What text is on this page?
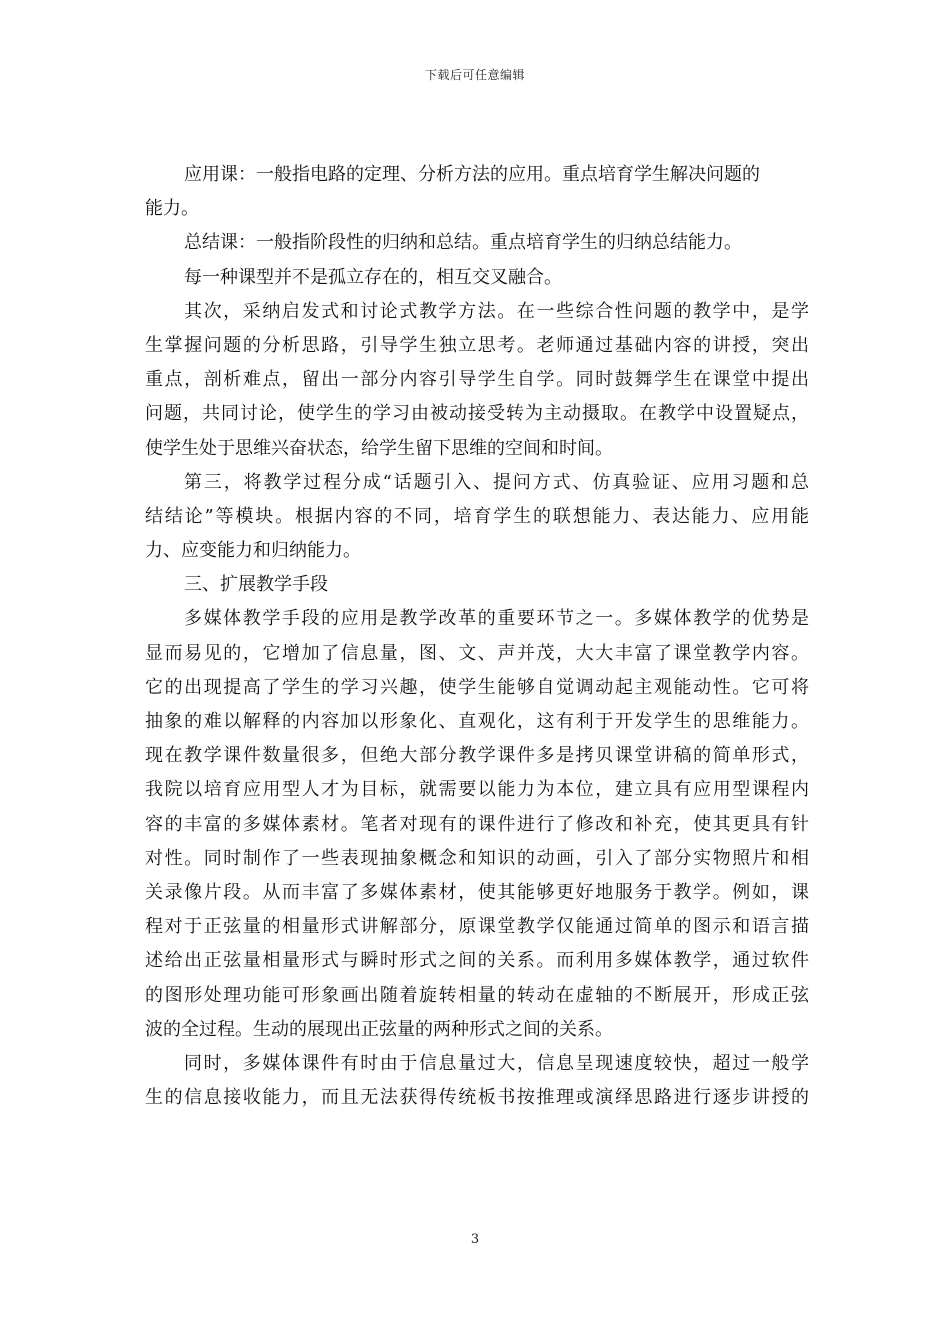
下载后可任意编辑
应用课：一般指电路的定理、分析方法的应用。重点培育学生解决问题的
能力。
总结课：一般指阶段性的归纳和总结。重点培育学生的归纳总结能力。
每一种课型并不是孤立存在的，相互交叉融合。
其次，采纳启发式和讨论式教学方法。在一些综合性问题的教学中，是学
生掌握问题的分析思路，引导学生独立思考。老师通过基础内容的讲授，突出
重点，剖析难点，留出一部分内容引导学生自学。同时鼓舞学生在课堂中提出
问题，共同讨论，使学生的学习由被动接受转为主动摄取。在教学中设置疑点，
使学生处于思维兴奋状态，给学生留下思维的空间和时间。
第三，将教学过程分成“话题引入、提问方式、仿真验证、应用习题和总
结结论”等模块。根据内容的不同，培育学生的联想能力、表达能力、应用能
力、应变能力和归纳能力。
三、扩展教学手段
多媒体教学手段的应用是教学改革的重要环节之一。多媒体教学的优势是
显而易见的，它增加了信息量，图、文、声并茂，大大丰富了课堂教学内容。
它的出现提高了学生的学习兴趣，使学生能够自觉调动起主观能动性。它可将
抽象的难以解释的内容加以形象化、直观化，这有利于开发学生的思维能力。
现在教学课件数量很多，但绝大部分教学课件多是拷贝课堂讲稿的简单形式，
我院以培育应用型人才为目标，就需要以能力为本位，建立具有应用型课程内
容的丰富的多媒体素材。笔者对现有的课件进行了修改和补充，使其更具有针
对性。同时制作了一些表现抽象概念和知识的动画，引入了部分实物照片和相
关录像片段。从而丰富了多媒体素材，使其能够更好地服务于教学。例如，课
程对于正弦量的相量形式讲解部分，原课堂教学仅能通过简单的图示和语言描
述给出正弦量相量形式与瞬时形式之间的关系。而利用多媒体教学，通过软件
的图形处理功能可形象画出随着旋转相量的转动在虚轴的不断展开，形成正弦
波的全过程。生动的展现出正弦量的两种形式之间的关系。
同时，多媒体课件有时由于信息量过大，信息呈现速度较快，超过一般学
生的信息接收能力，而且无法获得传统板书按推理或演绎思路进行逐步讲授的
3
